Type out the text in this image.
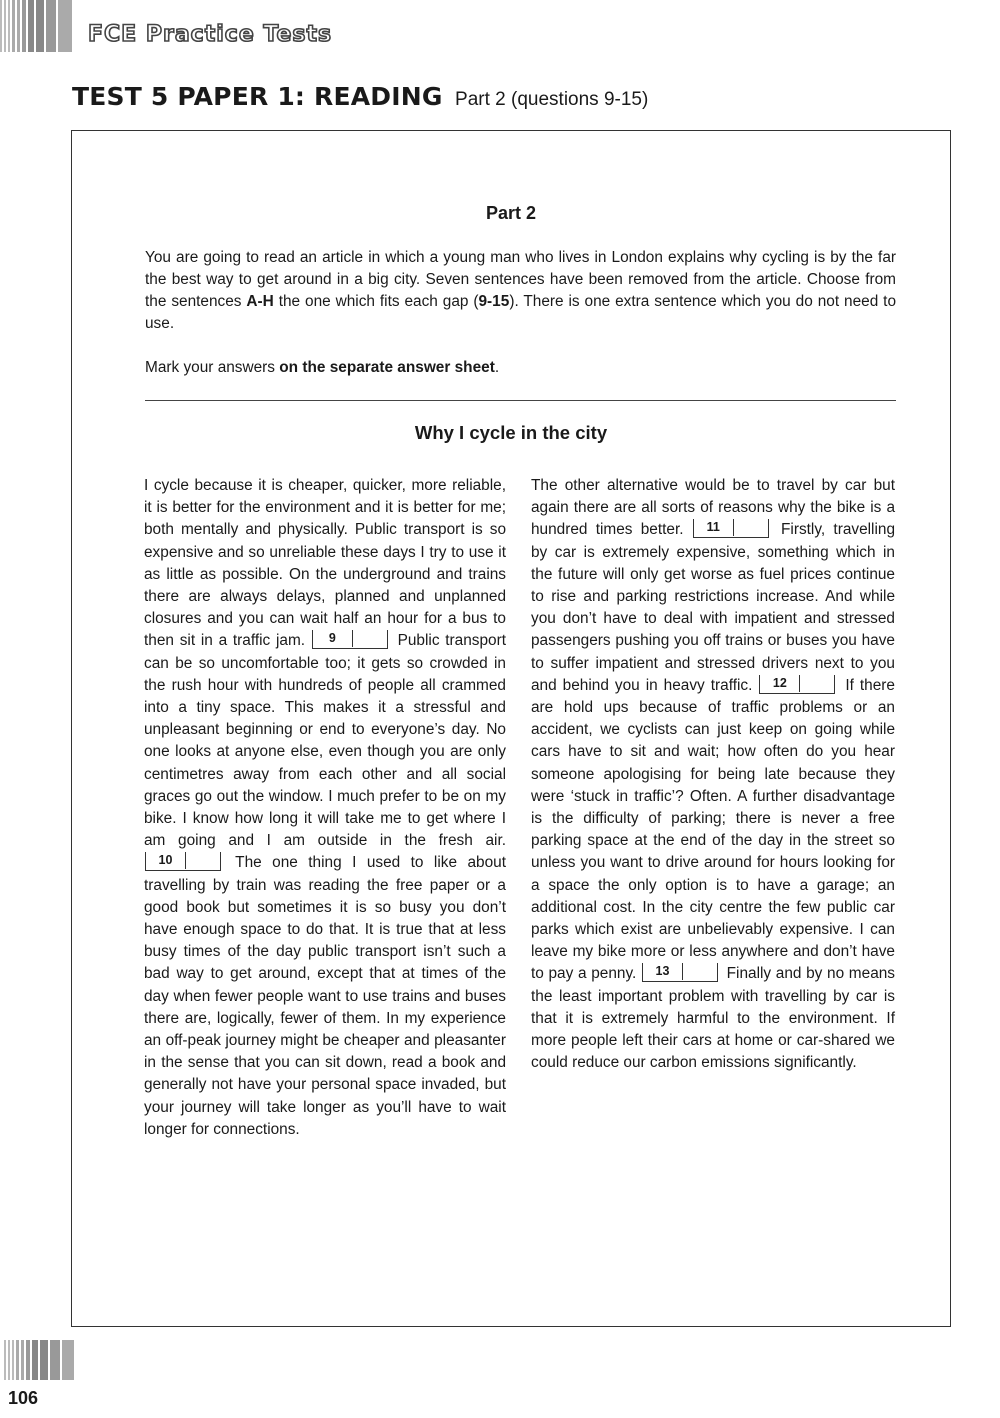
FCE Practice Tests
TEST 5 PAPER 1: READING Part 2 (questions 9-15)
Part 2

You are going to read an article in which a young man who lives in London explains why cycling is by the far the best way to get around in a big city. Seven sentences have been removed from the article. Choose from the sentences A-H the one which fits each gap (9-15). There is one extra sentence which you do not need to use.

Mark your answers on the separate answer sheet.

Why I cycle in the city

I cycle because it is cheaper, quicker, more reliable, it is better for the environment and it is better for me; both mentally and physically. Public transport is so expensive and so unreliable these days I try to use it as little as possible. On the underground and trains there are always delays, planned and unplanned closures and you can wait half an hour for a bus to then sit in a traffic jam.	9	Public transport can be so uncomfortable too; it gets so crowded in the rush hour with hundreds of people all crammed into a tiny space. This makes it a stressful and unpleasant beginning or end to everyone’s day. No one looks at anyone else, even though you are only centimetres away from each other and all social graces go out the window. I much prefer to be on my bike. I know how long it will take me to get where I am going and I am outside in the fresh air.
10	The one thing I used to like about travelling by train was reading the free paper or a good book but sometimes it is so busy you don’t have enough space to do that. It is true that at less busy times of the day public transport isn’t such a bad way to get around, except that at times of the day when fewer people want to use trains and buses there are, logically, fewer of them. In my experience an off-peak journey might be cheaper and pleasanter in the sense that you can sit down, read a book and generally not have your personal space invaded, but your journey will take longer as you’ll have to wait longer for connections.

The other alternative would be to travel by car but again there are all sorts of reasons why the bike is a hundred times better.	11	Firstly, travelling by car is extremely expensive, something which in the future will only get worse as fuel prices continue to rise and parking restrictions increase. And while you don’t have to deal with impatient and stressed passengers pushing you off trains or buses you have to suffer impatient and stressed drivers next to you and behind you in heavy traffic.	12	If there are hold ups because of traffic problems or an accident, we cyclists can just keep on going while cars have to sit and wait; how often do you hear someone apologising for being late because they were ‘stuck in traffic’? Often. A further disadvantage is the difficulty of parking; there is never a free parking space at the end of the day in the street so unless you want to drive around for hours looking for a space the only option is to have a garage; an additional cost. In the city centre the few public car parks which exist are unbelievably expensive. I can leave my bike more or less anywhere and don’t have to pay a penny.	13	Finally and by no means the least important problem with travelling by car is that it is extremely harmful to the environment. If more people left their cars at home or car-shared we could reduce our carbon emissions significantly.

106
